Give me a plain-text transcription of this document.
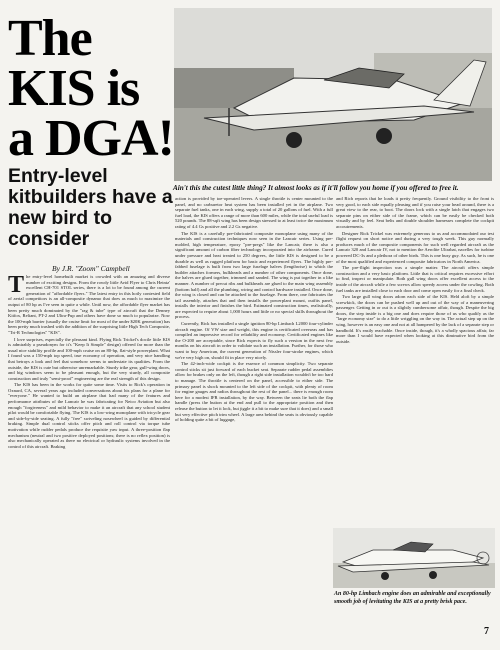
The
KIS is
a DGA!

Entry-level kitbuilders have a new bird to consider

By J.R. "Zoom" Campbell
Ain't this the cutest little thing? It almost looks as if it'll follow you home if you offered to free it.

The entry-level homebuilt market is crowded with an amazing and diverse number of exciting designs. From the rowdy little Avid Flyer to Chris Heintz' excellent CH-701 STOL series, there is a lot to be found among the current generation of "affordable flyers." The latest entry in this hotly contested field of aerial competitors is an all-composite dynamo that does as much to maximize the output of 80 hp as I've seen in quite a while. Until now, the affordable flyer market has been pretty much dominated by the "rag & tube" type of aircraft that the Denney Kitfox, Reliant, PT-2 and Ultra-Pup and others have done so much to popularize. Now the 100-mph barrier (usually the cruise limit for most of the under $20K generation) has been pretty much trashed with the addition of the surprising little High Tech Composite, "Tri-R Technologies" "KIS".

I love surprises, especially the pleasant kind. Flying Rick Trickel's docile little KIS is admirably a pseudonym for it's "Keep It Simple" design) offered far more than the usual nice stability profile and 100-mph cruise on an 80-hp, flat-style powerplant. What I found was a 150-mph top speed, true economy of operation, and very nice handling that betrays a look and feel that somehow seems to understate its qualities. From the outside, the KIS is cute but otherwise unremarkable. Sturdy trike gear, gull-wing doors, and big windows seem to be pleasant enough, but the very sturdy, all composite construction and truly "semi-proof" engineering are the real strength of this design.

The KIS has been in the works for quite some time. Visits to Rick's operation in Oxnard, CA, several years ago included conversations about his plans for a plane for "everyone." He wanted to build an airplane that had many of the features and performance attributes of the Lancair he was fabricating for Neico Aviation but also enough "forgiveness" and mild behavior to make it an aircraft that any school student pilot would be comfortable flying. The KIS is a low-wing monoplane with tricycle gear and side-by-side seating. A fully "free" swiveling nosewheel is guided by differential braking. Simple dual control sticks offer pitch and roll control via torque tube motivation while rudder pedals produce the requisite yaw input. A three-position flap mechanism (neutral and two positive deployed positions; there is no reflex position) is also mechanically operated as there no electrical or hydraulic systems involved in the control of this aircraft. Braking

action is provided by toe-operated levers. A single throttle is center mounted to the panel, and no carburetor heat system has been installed yet in the airplane. Two separate fuel tanks, one in each wing, supply a total of 20 gallons of fuel. With a full fuel load, the KIS offers a range of more than 600 miles, while the total useful load is 520 pounds. The 88-sqft wing has been design stressed to at least twice the maximum rating of 4.4 Gs positive and 2.2 Gs negative.

The KIS is a carefully pre-fabricated composite monoplane using many of the materials and construction techniques now seen in the Lancair series. Using pre-molded, high temperature, epoxy "pre-pregs" like the Lancair, there is also a significant amount of carbon fiber technology incorporated into the airframe. Cured under pressure and heat treated to 250 degrees, the little KIS is designed to be a durable as well as rugged platform for basic and experienced flyers. The highly pre-fabbed fuselage is built from two large fuselage halves (lengthwise) to which the builder attaches formers, bulkheads and a number of other components. Once done, the halves are glued together, trimmed and sanded. The wing is put together in a like manner. A number of precut ribs and bulkheads are glued to the main wing assembly (bottom half) and all the plumbing, wiring and control hardware installed. Once done, the wing is closed and can be attached to the fuselage. From there, one fabricates the tail assembly, attaches that and then installs the powerplant mount, outfits panel, installs the interior and finishes the bird. Estimated construction times, realistically, are expected to require about 1,000 hours and little or no special skills throughout the process.

Currently, Rick has installed a single ignition 80-hp Limbach L2000 four-cylinder aircraft engine. Of VW size and weight, this engine is certificated overseas and has compiled an impressive record for reliability and economy. Certificated engines like the O-200 are acceptable, since Rick expects to fly such a version in the next few months on his aircraft in order to validate such an installation. Further, for those who want to buy American, the current generation of Nissler four-stroke engines, which we're very high on, should fit in place very nicely.

The 42-inch-wide cockpit is the essence of common simplicity. Two separate control sticks sit just forward of each bucket seat. Separate rudder pedal assemblies allow for brakes only on the left, though a right side installation wouldn't be too hard to manage. The throttle is centered on the panel, accessible to either side. The primary panel is shock mounted to the left side of the cockpit, with plenty of room for engine gauges and radios throughout the rest of the panel... there is enough room here for a modest IFR installation, by the way. Between the seats lie both the flap handle (press the button at the end and pull to the appropriate position and then release the button to let it lock, but jiggle it a bit to make sure that it does) and a small but very effective pitch trim wheel. A large area behind the seats is obviously capable of holding quite a bit of luggage,

and Rich reports that he loads it pretty frequently. Ground visibility to the front is very good, to each side equally pleasing and if you raise your head around, there is a great view to the rear, to boot. The doors lock with a single latch that engages two separate pins on either side of the frame, which can be easily be checked both visually and by feel. Seat belts and double shoulder harnesses complete the cockpit accoutrements.

Designer Rick Trickel was extremely generous to us and accommodated our test flight request on short notice and during a very tough week. This guy normally produces much of the composite components for such well regarded aircraft as the Lancair 320 and Lancair IV, not to mention the Aerolite Ultrabat, nacelles for turbine powered DC-3s and a plethora of other birds. This is one busy guy. As such, he is one of the most qualified and experienced composite fabricators in North America.

The pre-flight inspection was a simple matter. The aircraft offers simple construction and a very basic platform. Little that is critical requires excessive effort to find, inspect or manipulate. Both gull wing doors offer excellent access to the inside of the aircraft while a few screws allow speedy access under the cowling. Both fuel tanks are installed close to each door and come open easily for a final check.

Two large gull wing doors adorn each side of the KIS. Held aloft by a simple screwkick, the doors can be pushed well up and out of the way of a maneuvering passenger. Getting in or out is a slightly cumbersome affair, though. Despite the big doors, the step inside is a big one and does require those of us who qualify as the "large economy size" to do a little wriggling on the way in. The actual step up on the wing, however is an easy one and not at all hampered by the lack of a separate step or handhold. It's easily reachable. Once inside, though, it's a wholly spacious affair, far more than I would have expected when looking at this diminutive bird from the outside.

An 80-hp Limbach engine does an admirable and exceptionally smooth job of levitating the KIS at a pretty brisk pace.
7
